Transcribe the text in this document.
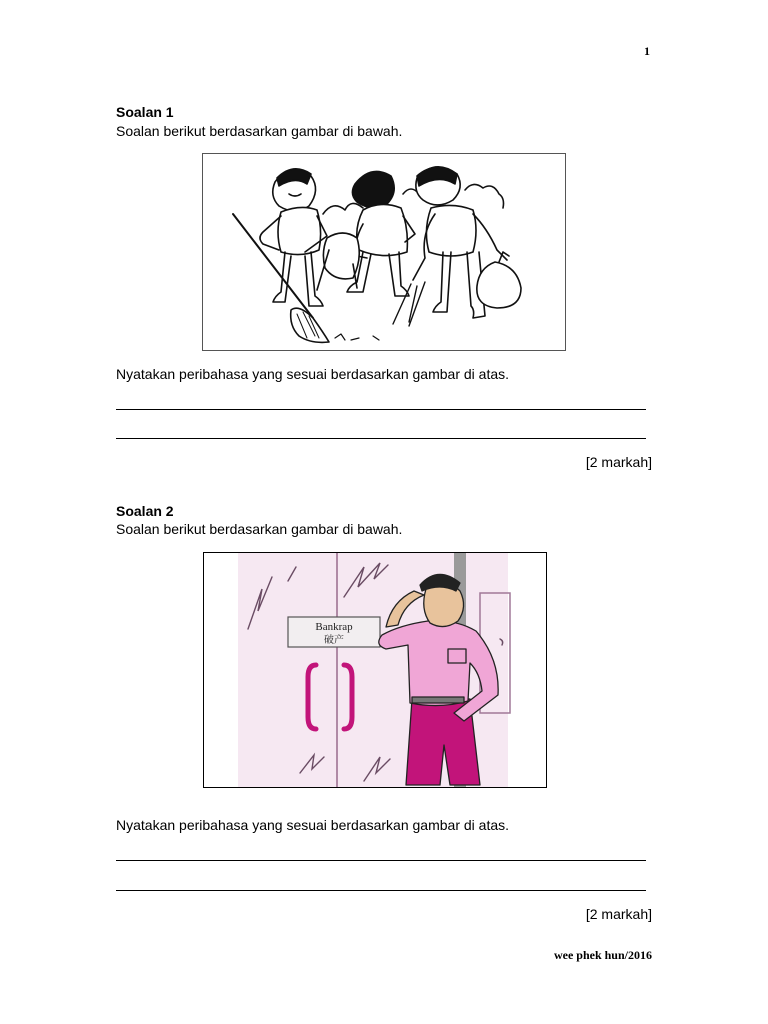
1
Soalan 1
Soalan berikut berdasarkan gambar di bawah.
Nyatakan peribahasa yang sesuai berdasarkan gambar di atas.
[2 markah]
Soalan 2
Soalan berikut berdasarkan gambar di bawah.
Bankrap
破产
Nyatakan peribahasa yang sesuai berdasarkan gambar di atas.
[2 markah]
wee phek hun/2016
